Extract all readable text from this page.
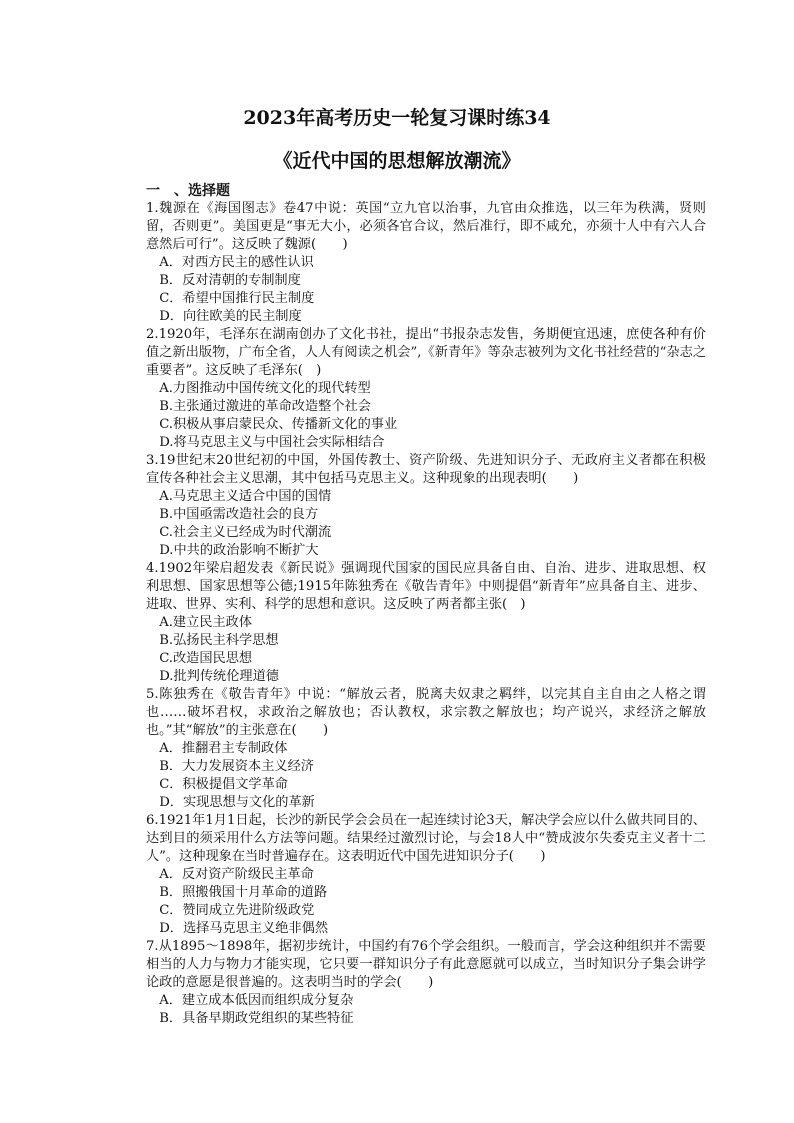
2023年高考历史一轮复习课时练34
《近代中国的思想解放潮流》
一　、选择题

1.魏源在《海国图志》卷47中说：英国“立九官以治事，九官由众推选，以三年为秩满，贤则留，否则更”。美国更是“事无大小，必须各官合议，然后准行，即不咸允，亦须十人中有六人合意然后可行”。这反映了魏源(　　)

A．对西方民主的感性认识

B．反对清朝的专制制度

C．希望中国推行民主制度

D．向往欧美的民主制度

2.1920年，毛泽东在湖南创办了文化书社，提出“书报杂志发售，务期便宜迅速，庶使各种有价值之新出版物，广布全省，人人有阅读之机会”,《新青年》等杂志被列为文化书社经营的“杂志之重要者”。这反映了毛泽东(　)

A.力图推动中国传统文化的现代转型

B.主张通过激进的革命改造整个社会

C.积极从事启蒙民众、传播新文化的事业

D.将马克思主义与中国社会实际相结合

3.19世纪末20世纪初的中国，外国传教士、资产阶级、先进知识分子、无政府主义者都在积极宣传各种社会主义思潮，其中包括马克思主义。这种现象的出现表明(　　)

A.马克思主义适合中国的国情

B.中国亟需改造社会的良方

C.社会主义已经成为时代潮流

D.中共的政治影响不断扩大

4.1902年梁启超发表《新民说》强调现代国家的国民应具备自由、自治、进步、进取思想、权利思想、国家思想等公德;1915年陈独秀在《敬告青年》中则提倡“新青年”应具备自主、进步、进取、世界、实利、科学的思想和意识。这反映了两者都主张(　)

A.建立民主政体

B.弘扬民主科学思想

C.改造国民思想

D.批判传统伦理道德

5.陈独秀在《敬告青年》中说：“解放云者，脱离夫奴隶之羁绊，以完其自主自由之人格之谓也……破坏君权，求政治之解放也；否认教权，求宗教之解放也；均产说兴，求经济之解放也。”其“解放”的主张意在(　　)

A．推翻君主专制政体

B．大力发展资本主义经济

C．积极提倡文学革命

D．实现思想与文化的革新

6.1921年1月1日起，长沙的新民学会会员在一起连续讨论3天，解决学会应以什么做共同目的、达到目的须采用什么方法等问题。结果经过激烈讨论，与会18人中“赞成波尔失委克主义者十二人”。这种现象在当时普遍存在。这表明近代中国先进知识分子(　　)

A．反对资产阶级民主革命

B．照搬俄国十月革命的道路

C．赞同成立先进阶级政党

D．选择马克思主义绝非偶然

7.从1895～1898年，据初步统计，中国约有76个学会组织。一般而言，学会这种组织并不需要相当的人力与物力才能实现，它只要一群知识分子有此意愿就可以成立，当时知识分子集会讲学论政的意愿是很普遍的。这表明当时的学会(　　)

A．建立成本低因而组织成分复杂

B．具备早期政党组织的某些特征
